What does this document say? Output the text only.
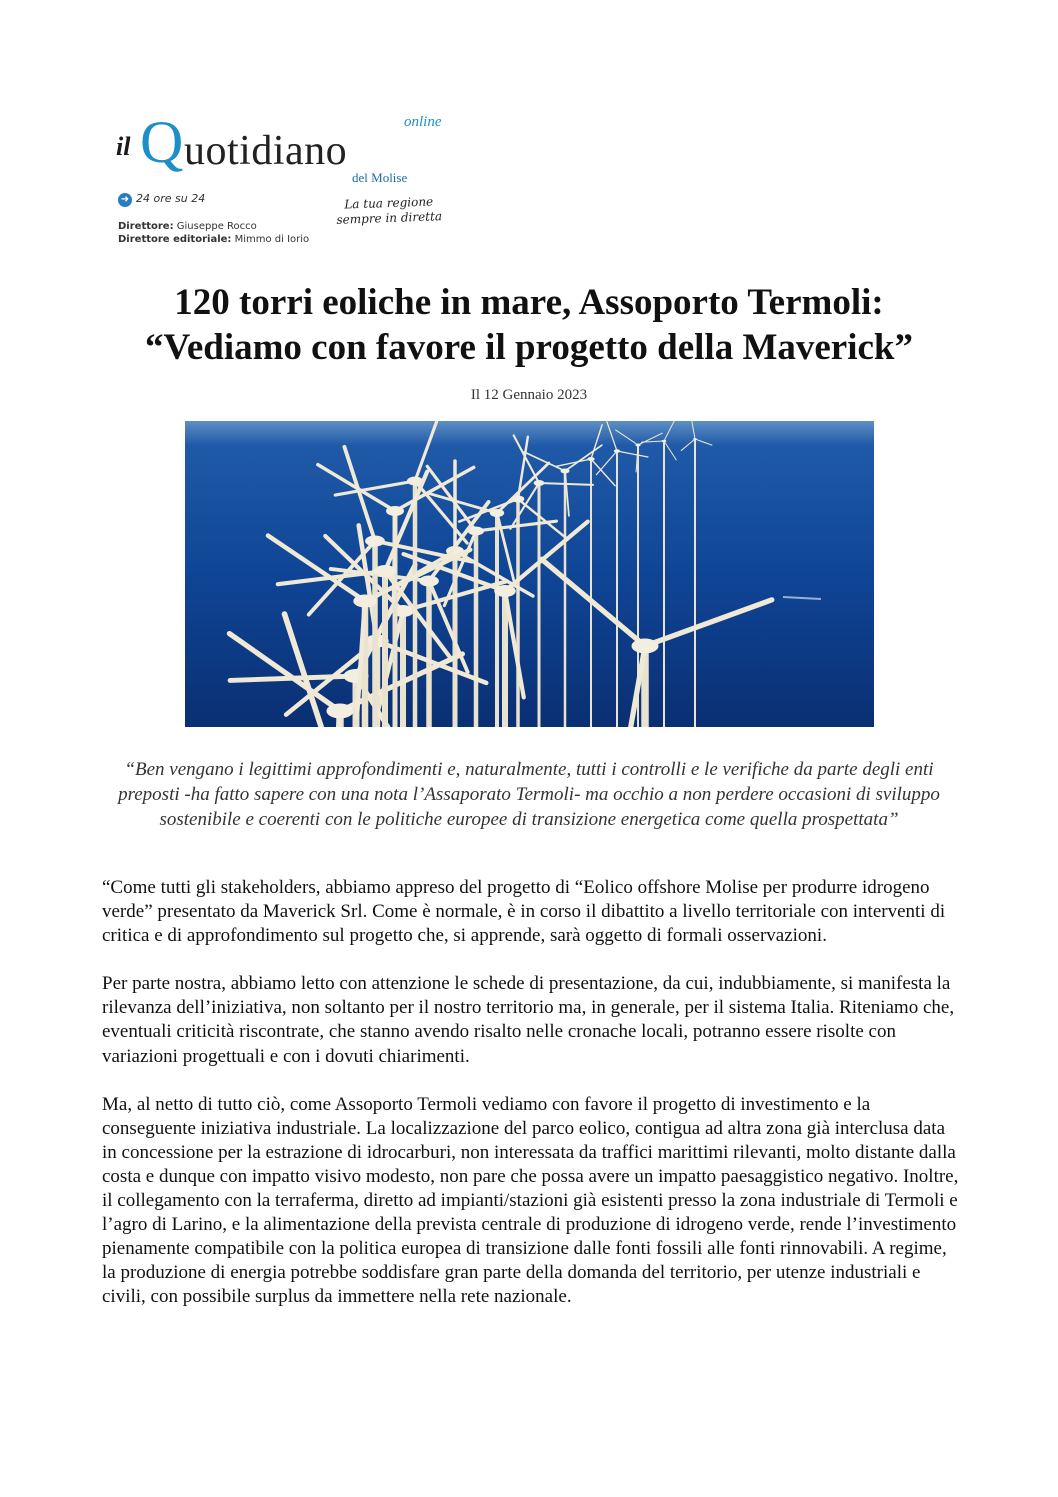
il Q uotidiano
online
del Molise
➜ 24 ore su 24	La tua regione
sempre in diretta
Direttore: Giuseppe Rocco
Direttore editoriale: Mimmo di Iorio
120 torri eoliche in mare, Assoporto Termoli:
“Vediamo con favore il progetto della Maverick”
Il 12 Gennaio 2023

“Ben vengano i legittimi approfondimenti e, naturalmente, tutti i controlli e le verifiche da parte degli enti preposti -ha fatto sapere con una nota l’Assaporato Termoli- ma occhio a non perdere occasioni di sviluppo sostenibile e coerenti con le politiche europee di transizione energetica come quella prospettata”

“Come tutti gli stakeholders, abbiamo appreso del progetto di “Eolico offshore Molise per produrre idrogeno verde” presentato da Maverick Srl. Come è normale, è in corso il dibattito a livello territoriale con interventi di critica e di approfondimento sul progetto che, si apprende, sarà oggetto di formali osservazioni.

Per parte nostra, abbiamo letto con attenzione le schede di presentazione, da cui, indubbiamente, si manifesta la rilevanza dell’iniziativa, non soltanto per il nostro territorio ma, in generale, per il sistema Italia. Riteniamo che, eventuali criticità riscontrate, che stanno avendo risalto nelle cronache locali, potranno essere risolte con variazioni progettuali e con i dovuti chiarimenti.

Ma, al netto di tutto ciò, come Assoporto Termoli vediamo con favore il progetto di investimento e la conseguente iniziativa industriale. La localizzazione del parco eolico, contigua ad altra zona già interclusa data in concessione per la estrazione di idrocarburi, non interessata da traffici marittimi rilevanti, molto distante dalla costa e dunque con impatto visivo modesto, non pare che possa avere un impatto paesaggistico negativo. Inoltre, il collegamento con la terraferma, diretto ad impianti/stazioni già esistenti presso la zona industriale di Termoli e l’agro di Larino, e la alimentazione della prevista centrale di produzione di idrogeno verde, rende l’investimento pienamente compatibile con la politica europea di transizione dalle fonti fossili alle fonti rinnovabili. A regime, la produzione di energia potrebbe soddisfare gran parte della domanda del territorio, per utenze industriali e civili, con possibile surplus da immettere nella rete nazionale.
